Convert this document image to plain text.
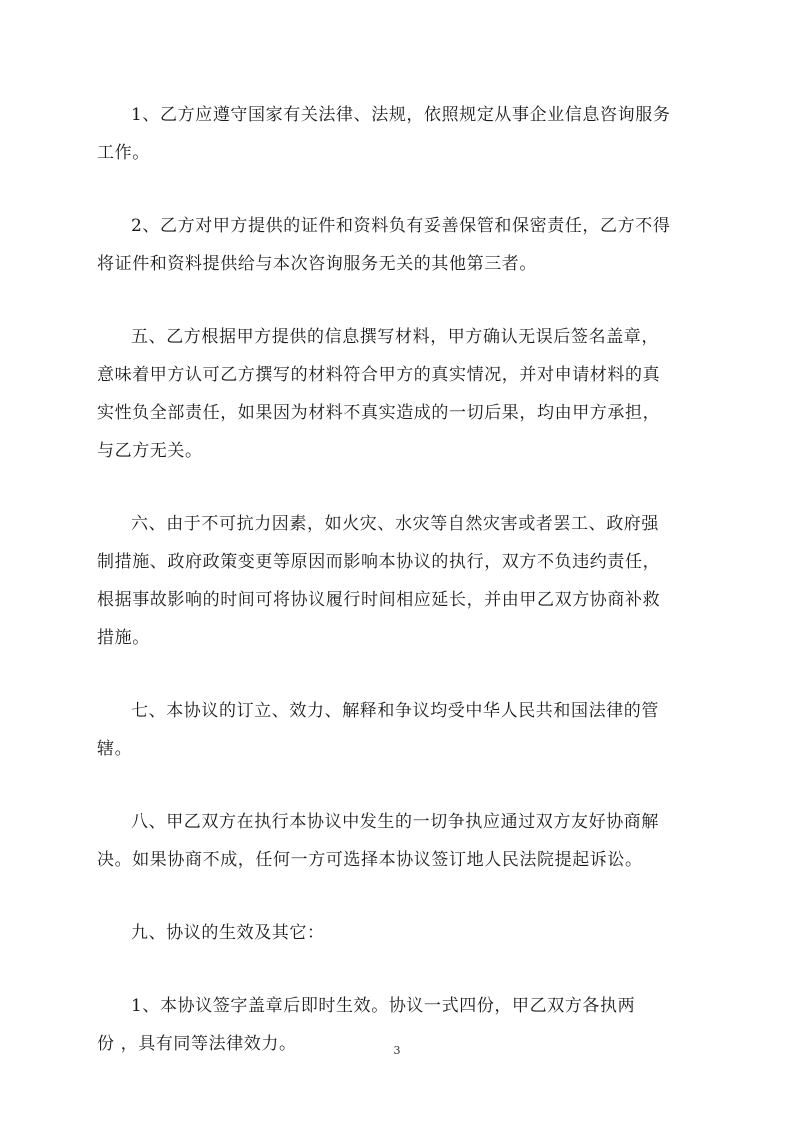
1、乙方应遵守国家有关法律、法规，依照规定从事企业信息咨询服务
工作。

2、乙方对甲方提供的证件和资料负有妥善保管和保密责任，乙方不得
将证件和资料提供给与本次咨询服务无关的其他第三者。

五、乙方根据甲方提供的信息撰写材料，甲方确认无误后签名盖章，
意味着甲方认可乙方撰写的材料符合甲方的真实情况，并对申请材料的真
实性负全部责任，如果因为材料不真实造成的一切后果，均由甲方承担，
与乙方无关。

六、由于不可抗力因素，如火灾、水灾等自然灾害或者罢工、政府强
制措施、政府政策变更等原因而影响本协议的执行，双方不负违约责任，
根据事故影响的时间可将协议履行时间相应延长，并由甲乙双方协商补救
措施。

七、本协议的订立、效力、解释和争议均受中华人民共和国法律的管
辖。

八、甲乙双方在执行本协议中发生的一切争执应通过双方友好协商解
决。如果协商不成，任何一方可选择本协议签订地人民法院提起诉讼。

九、协议的生效及其它：

1、本协议签字盖章后即时生效。协议一式四份，甲乙双方各执两
份 ，具有同等法律效力。	3
